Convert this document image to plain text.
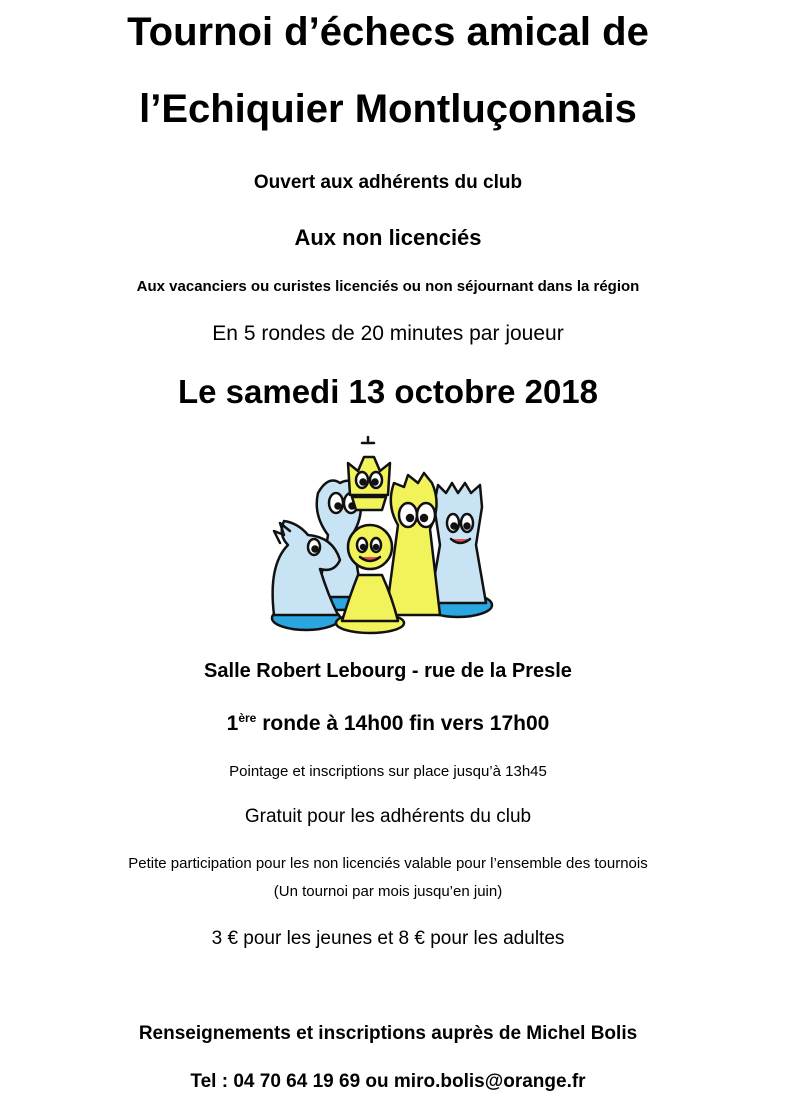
Tournoi d’échecs amical de
l’Echiquier Montluçonnais
Ouvert aux adhérents du club
Aux non licenciés
Aux vacanciers ou curistes licenciés ou non séjournant dans la région
En 5 rondes de 20 minutes par joueur
Le samedi 13 octobre 2018
Salle Robert Lebourg - rue de la Presle
1ère ronde à 14h00 fin vers 17h00
Pointage et inscriptions sur place jusqu’à 13h45
Gratuit pour les adhérents du club
Petite participation pour les non licenciés valable pour l’ensemble des tournois
(Un tournoi par mois jusqu’en juin)
3 € pour les jeunes et 8 € pour les adultes
Renseignements et inscriptions auprès de Michel Bolis
Tel : 04 70 64 19 69 ou miro.bolis@orange.fr
